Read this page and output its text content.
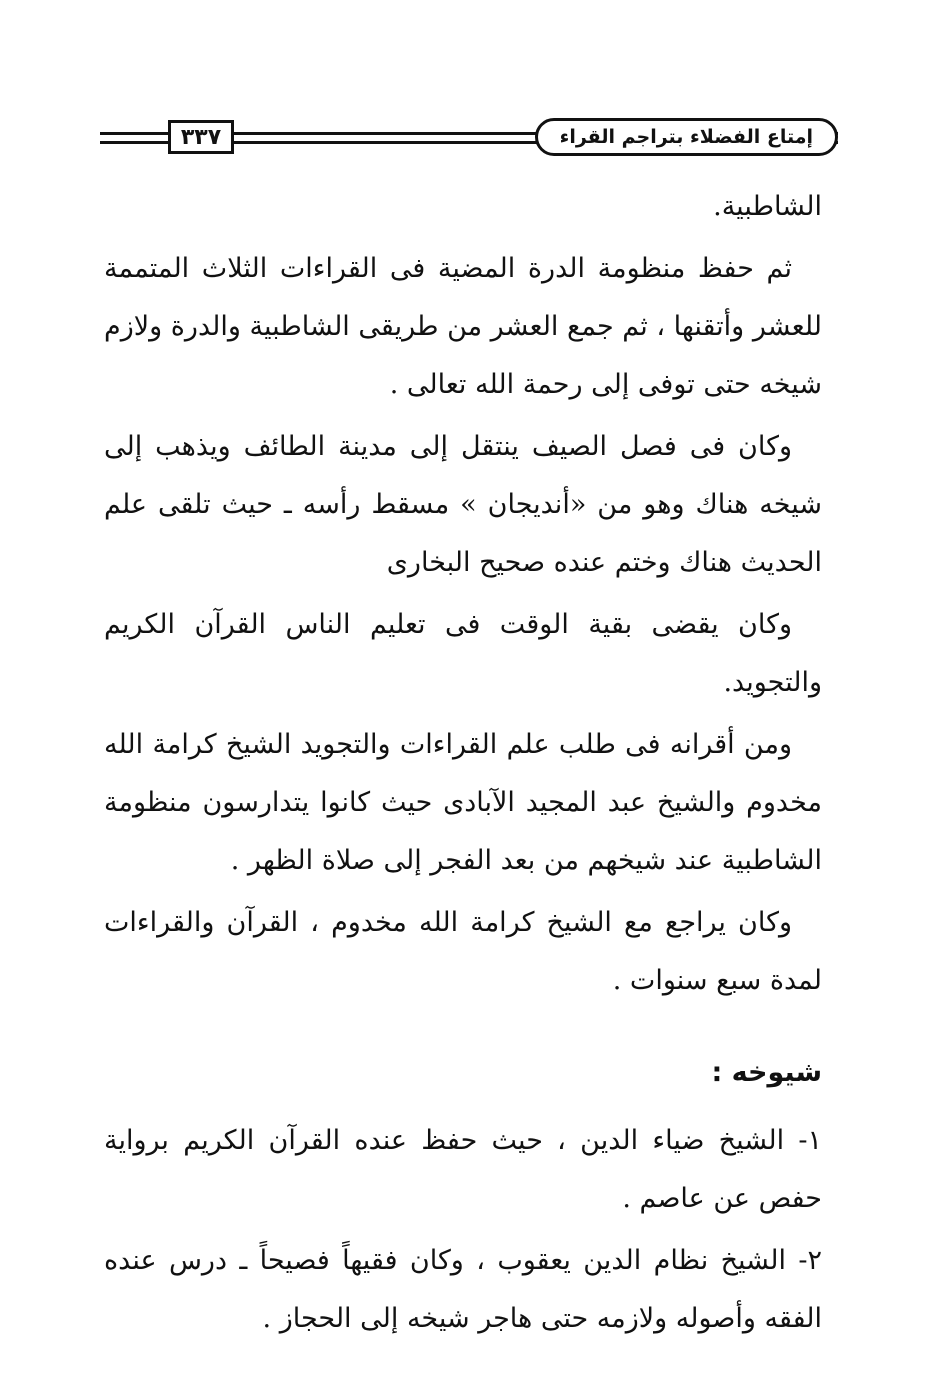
إمتاع الفضلاء بتراجم القراء
٣٣٧

الشاطبية.

ثم حفظ منظومة الدرة المضية فى القراءات الثلاث المتممة للعشر وأتقنها ، ثم جمع العشر من طريقى الشاطبية والدرة ولازم شيخه حتى توفى إلى رحمة الله تعالى .

وكان فى فصل الصيف ينتقل إلى مدينة الطائف ويذهب إلى شيخه هناك وهو من «أنديجان » مسقط رأسه ـ حيث تلقى علم الحديث هناك وختم عنده صحيح البخارى

وكان يقضى بقية الوقت فى تعليم الناس القرآن الكريم والتجويد.

ومن أقرانه فى طلب علم القراءات والتجويد الشيخ كرامة الله مخدوم والشيخ عبد المجيد الآبادى حيث كانوا يتدارسون منظومة الشاطبية عند شيخهم من بعد الفجر إلى صلاة الظهر .

وكان يراجع مع الشيخ كرامة الله مخدوم ، القرآن والقراءات لمدة سبع سنوات .

شيوخه :

١- الشيخ ضياء الدين ، حيث حفظ عنده القرآن الكريم برواية حفص عن عاصم .

٢- الشيخ نظام الدين يعقوب ، وكان فقيهاً فصيحاً ـ درس عنده الفقه وأصوله ولازمه حتى هاجر شيخه إلى الحجاز .
